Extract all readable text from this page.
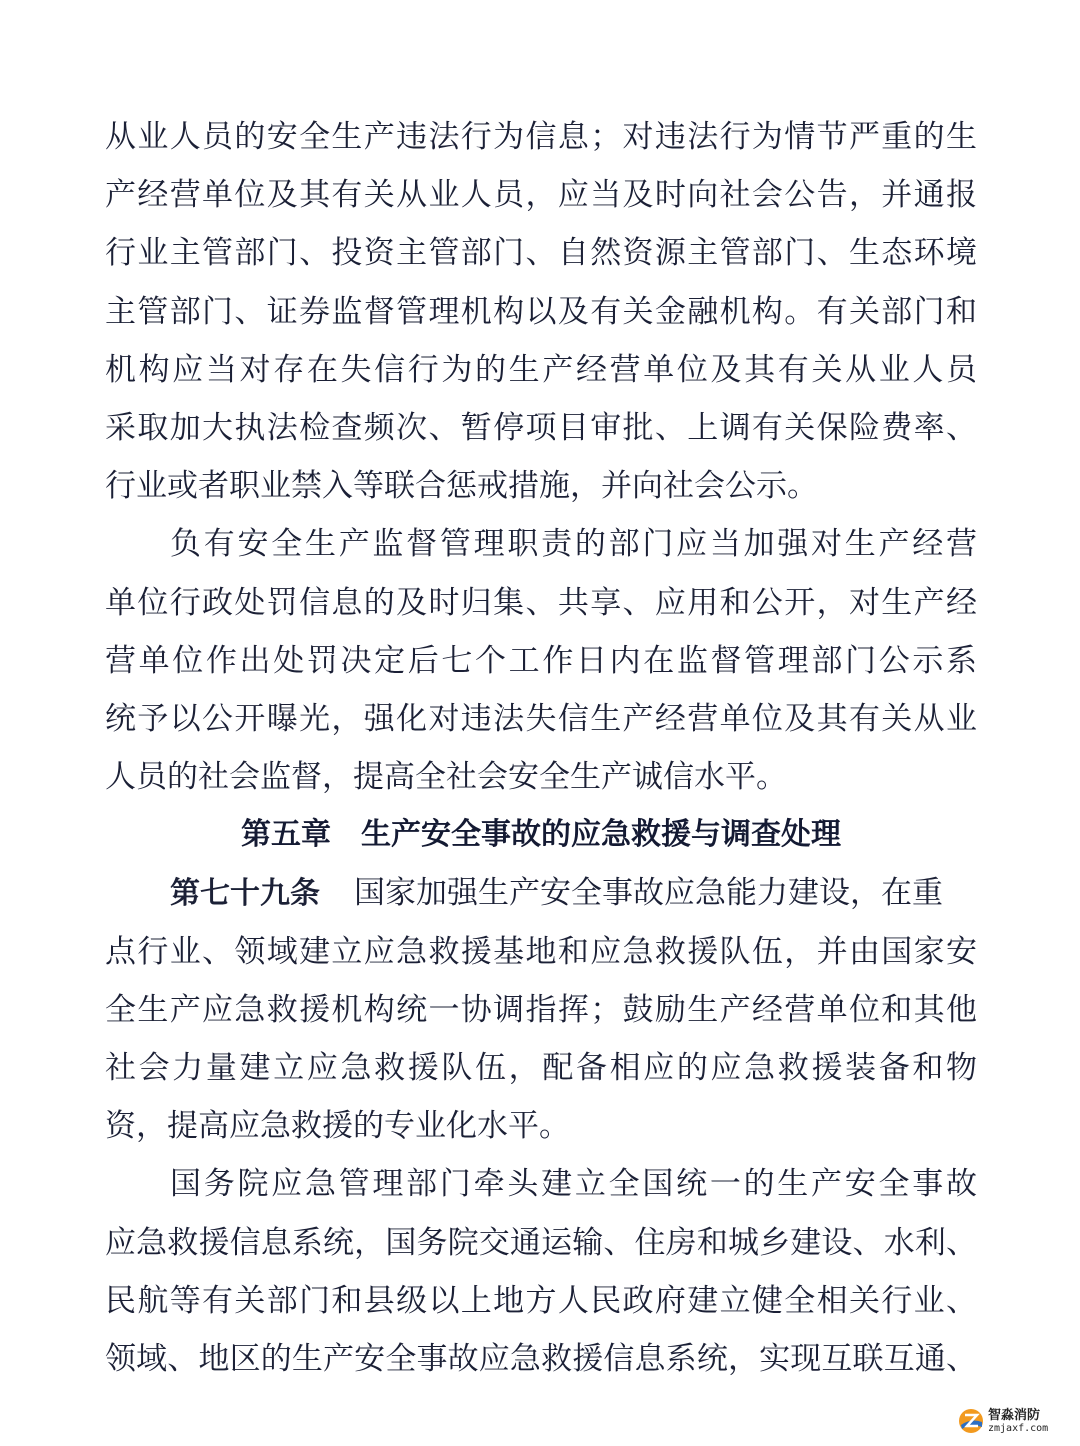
从业人员的安全生产违法行为信息；对违法行为情节严重的生
产经营单位及其有关从业人员，应当及时向社会公告，并通报
行业主管部门、投资主管部门、自然资源主管部门、生态环境
主管部门、证券监督管理机构以及有关金融机构。有关部门和
机构应当对存在失信行为的生产经营单位及其有关从业人员
采取加大执法检查频次、暂停项目审批、上调有关保险费率、
行业或者职业禁入等联合惩戒措施，并向社会公示。
负有安全生产监督管理职责的部门应当加强对生产经营
单位行政处罚信息的及时归集、共享、应用和公开，对生产经
营单位作出处罚决定后七个工作日内在监督管理部门公示系
统予以公开曝光，强化对违法失信生产经营单位及其有关从业
人员的社会监督，提高全社会安全生产诚信水平。
第五章　生产安全事故的应急救援与调查处理
第七十九条 国家加强生产安全事故应急能力建设，在重
点行业、领域建立应急救援基地和应急救援队伍，并由国家安
全生产应急救援机构统一协调指挥；鼓励生产经营单位和其他
社会力量建立应急救援队伍，配备相应的应急救援装备和物
资，提高应急救援的专业化水平。
国务院应急管理部门牵头建立全国统一的生产安全事故
应急救援信息系统，国务院交通运输、住房和城乡建设、水利、
民航等有关部门和县级以上地方人民政府建立健全相关行业、
领域、地区的生产安全事故应急救援信息系统，实现互联互通、
智淼消防
zmjaxf.com
